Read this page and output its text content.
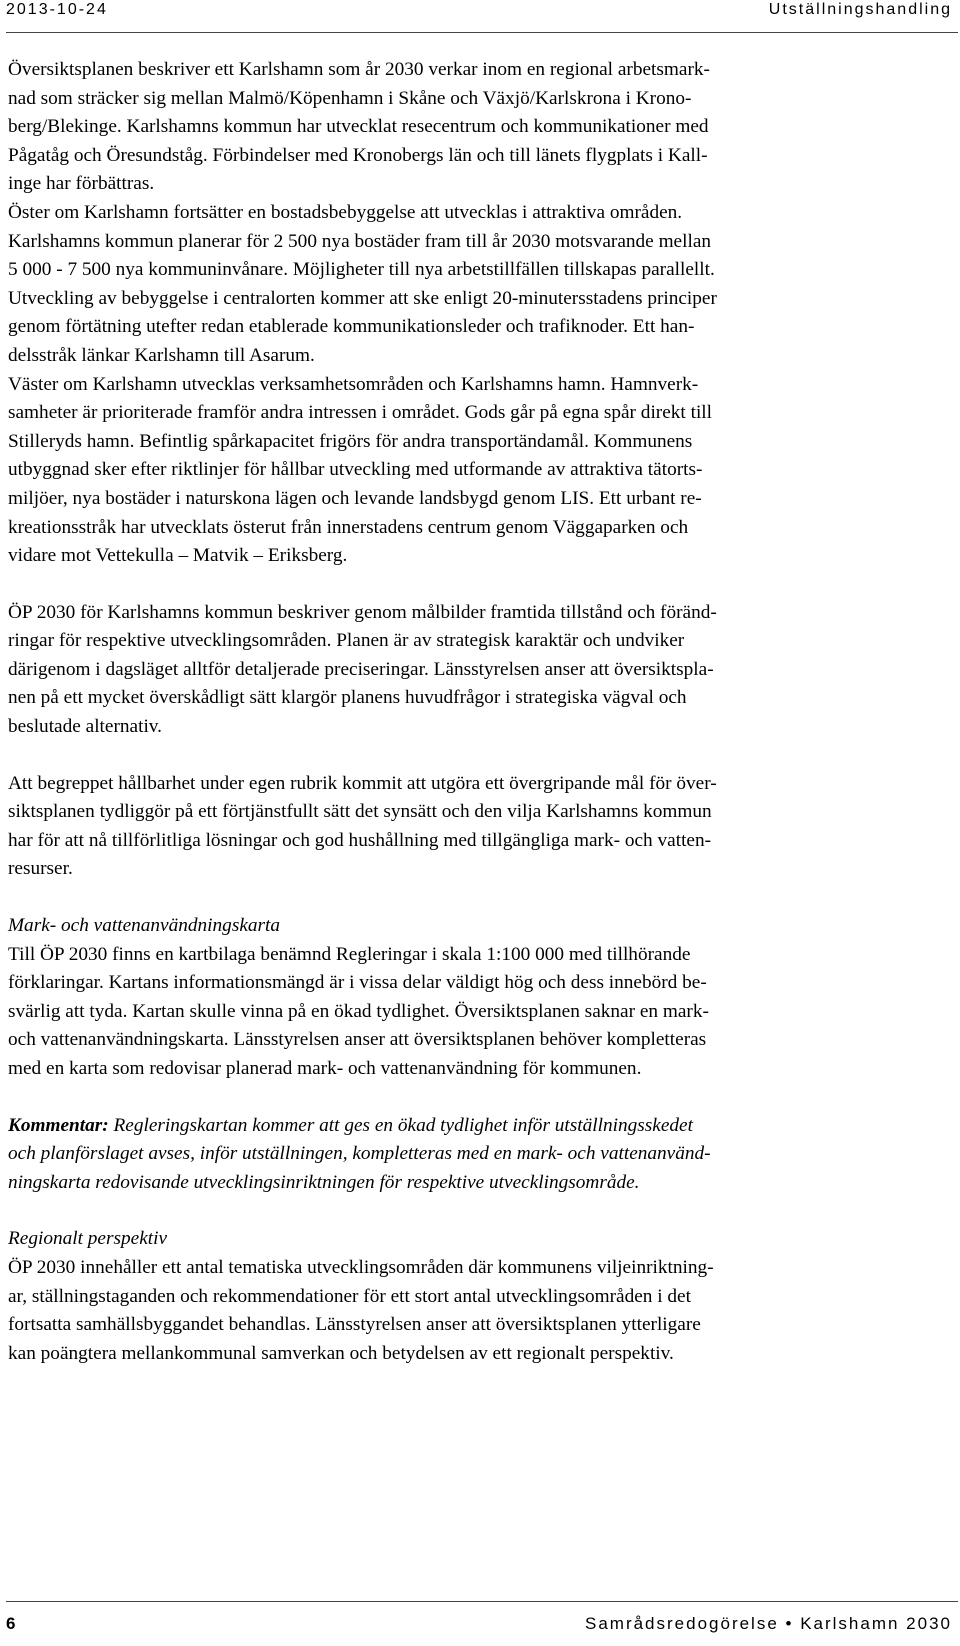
2013-10-24	Utställningshandling

Översiktsplanen beskriver ett Karlshamn som år 2030 verkar inom en regional arbetsmark-
nad som sträcker sig mellan Malmö/Köpenhamn i Skåne och Växjö/Karlskrona i Krono-
berg/Blekinge. Karlshamns kommun har utvecklat resecentrum och kommunikationer med
Pågatåg och Öresundståg. Förbindelser med Kronobergs län och till länets flygplats i Kall-
inge har förbättras.
Öster om Karlshamn fortsätter en bostadsbebyggelse att utvecklas i attraktiva områden.
Karlshamns kommun planerar för 2 500 nya bostäder fram till år 2030 motsvarande mellan
5 000 - 7 500 nya kommuninvånare. Möjligheter till nya arbetstillfällen tillskapas parallellt.
Utveckling av bebyggelse i centralorten kommer att ske enligt 20-minutersstadens principer
genom förtätning utefter redan etablerade kommunikationsleder och trafiknoder. Ett han-
delsstråk länkar Karlshamn till Asarum.
Väster om Karlshamn utvecklas verksamhetsområden och Karlshamns hamn. Hamnverk-
samheter är prioriterade framför andra intressen i området. Gods går på egna spår direkt till
Stilleryds hamn. Befintlig spårkapacitet frigörs för andra transportändamål. Kommunens
utbyggnad sker efter riktlinjer för hållbar utveckling med utformande av attraktiva tätorts-
miljöer, nya bostäder i naturskona lägen och levande landsbygd genom LIS. Ett urbant re-
kreationsstråk har utvecklats österut från innerstadens centrum genom Väggaparken och
vidare mot Vettekulla – Matvik – Eriksberg.

ÖP 2030 för Karlshamns kommun beskriver genom målbilder framtida tillstånd och föränd-
ringar för respektive utvecklingsområden. Planen är av strategisk karaktär och undviker
därigenom i dagsläget alltför detaljerade preciseringar. Länsstyrelsen anser att översiktspla-
nen på ett mycket överskådligt sätt klargör planens huvudfrågor i strategiska vägval och
beslutade alternativ.

Att begreppet hållbarhet under egen rubrik kommit att utgöra ett övergripande mål för över-
siktsplanen tydliggör på ett förtjänstfullt sätt det synsätt och den vilja Karlshamns kommun
har för att nå tillförlitliga lösningar och god hushållning med tillgängliga mark- och vatten-
resurser.

Mark- och vattenanvändningskarta

Till ÖP 2030 finns en kartbilaga benämnd Regleringar i skala 1:100 000 med tillhörande
förklaringar. Kartans informationsmängd är i vissa delar väldigt hög och dess innebörd be-
svärlig att tyda. Kartan skulle vinna på en ökad tydlighet. Översiktsplanen saknar en mark-
och vattenanvändningskarta. Länsstyrelsen anser att översiktsplanen behöver kompletteras
med en karta som redovisar planerad mark- och vattenanvändning för kommunen.

Kommentar: Regleringskartan kommer att ges en ökad tydlighet inför utställningsskedet
och planförslaget avses, inför utställningen, kompletteras med en mark- och vattenanvänd-
ningskarta redovisande utvecklingsinriktningen för respektive utvecklingsområde.

Regionalt perspektiv

ÖP 2030 innehåller ett antal tematiska utvecklingsområden där kommunens viljeinriktning-
ar, ställningstaganden och rekommendationer för ett stort antal utvecklingsområden i det
fortsatta samhällsbyggandet behandlas. Länsstyrelsen anser att översiktsplanen ytterligare
kan poängtera mellankommunal samverkan och betydelsen av ett regionalt perspektiv.

6	Samrådsredogörelse • Karlshamn 2030
